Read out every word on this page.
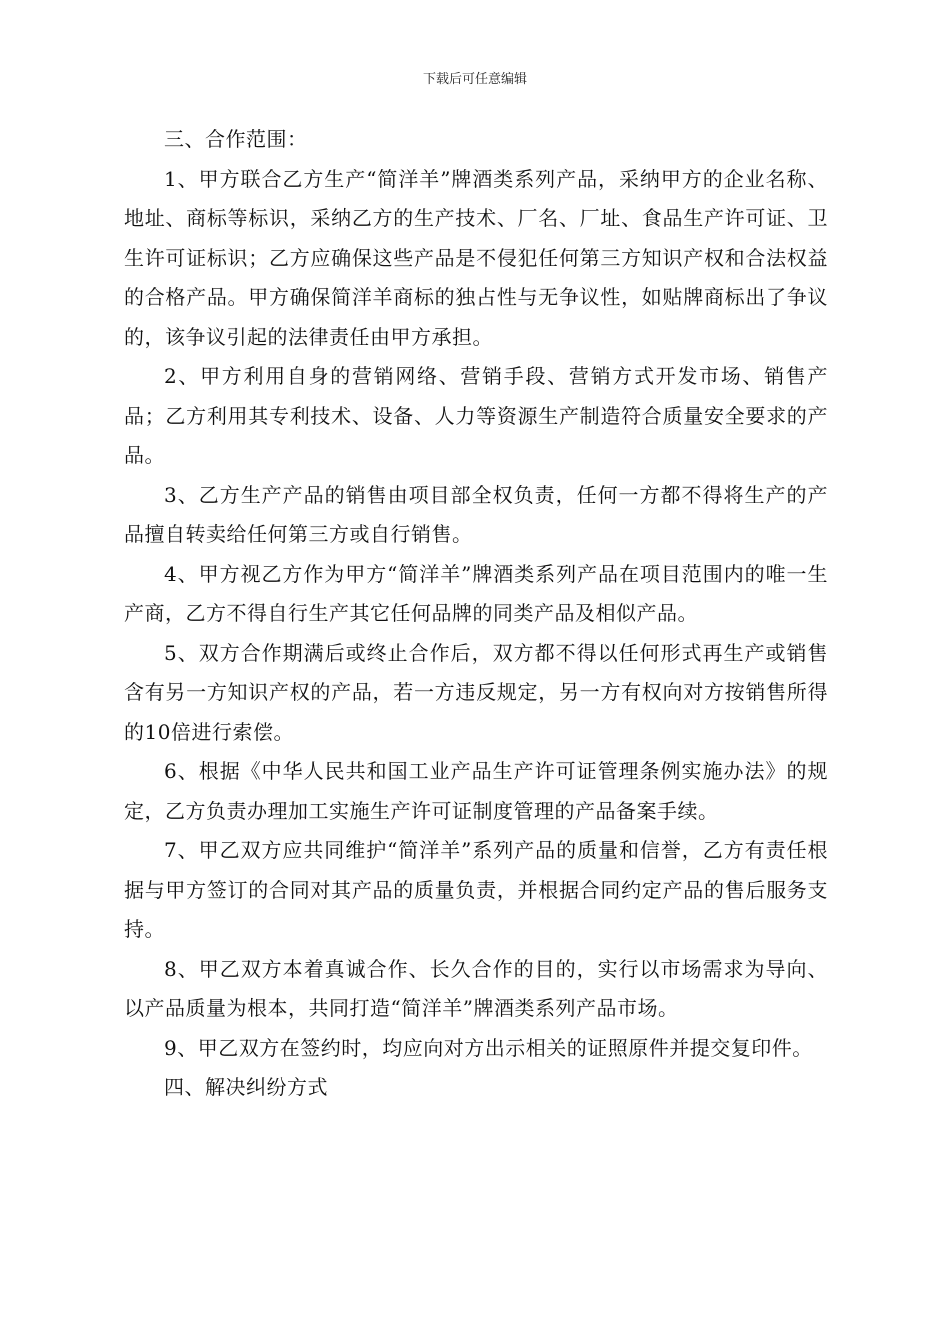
下载后可任意编辑

三、合作范围：

1、甲方联合乙方生产“简洋羊”牌酒类系列产品，采纳甲方的企业名称、地址、商标等标识，采纳乙方的生产技术、厂名、厂址、食品生产许可证、卫生许可证标识；乙方应确保这些产品是不侵犯任何第三方知识产权和合法权益的合格产品。甲方确保简洋羊商标的独占性与无争议性，如贴牌商标出了争议的，该争议引起的法律责任由甲方承担。

2、甲方利用自身的营销网络、营销手段、营销方式开发市场、销售产品；乙方利用其专利技术、设备、人力等资源生产制造符合质量安全要求的产品。

3、乙方生产产品的销售由项目部全权负责，任何一方都不得将生产的产品擅自转卖给任何第三方或自行销售。

4、甲方视乙方作为甲方“简洋羊”牌酒类系列产品在项目范围内的唯一生产商，乙方不得自行生产其它任何品牌的同类产品及相似产品。

5、双方合作期满后或终止合作后，双方都不得以任何形式再生产或销售含有另一方知识产权的产品，若一方违反规定，另一方有权向对方按销售所得的10倍进行索偿。

6、根据《中华人民共和国工业产品生产许可证管理条例实施办法》的规定，乙方负责办理加工实施生产许可证制度管理的产品备案手续。

7、甲乙双方应共同维护“简洋羊”系列产品的质量和信誉，乙方有责任根据与甲方签订的合同对其产品的质量负责，并根据合同约定产品的售后服务支持。

8、甲乙双方本着真诚合作、长久合作的目的，实行以市场需求为导向、以产品质量为根本，共同打造“简洋羊”牌酒类系列产品市场。

9、甲乙双方在签约时，均应向对方出示相关的证照原件并提交复印件。

四、解决纠纷方式
